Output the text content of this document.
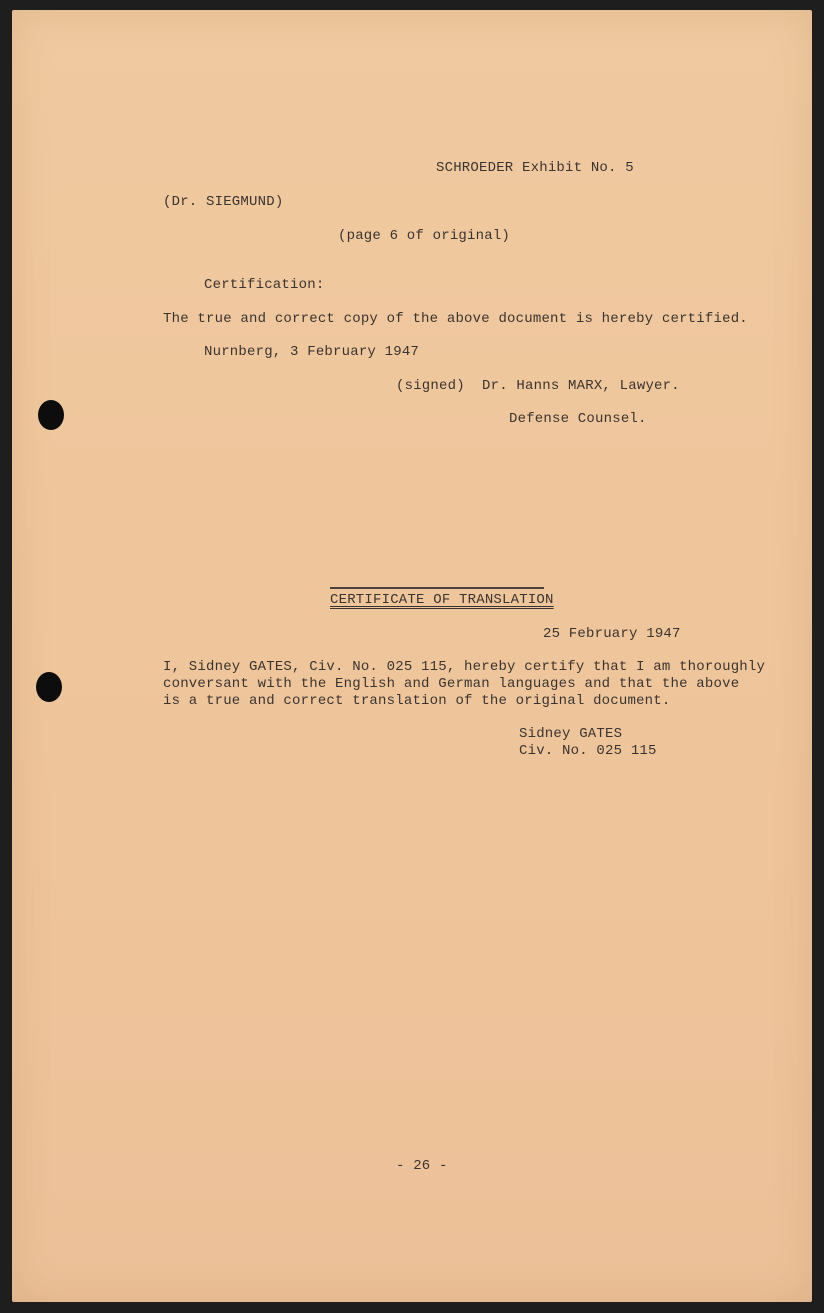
SCHROEDER Exhibit No. 5
(Dr. SIEGMUND)
(page 6 of original)
Certification:
The true and correct copy of the above document is hereby certified.
Nurnberg, 3 February 1947
(signed)  Dr. Hanns MARX, Lawyer.
Defense Counsel.
CERTIFICATE OF TRANSLATION
25 February 1947
I, Sidney GATES, Civ. No. 025 115, hereby certify that I am thoroughly
conversant with the English and German languages and that the above
is a true and correct translation of the original document.
Sidney GATES
Civ. No. 025 115
- 26 -
